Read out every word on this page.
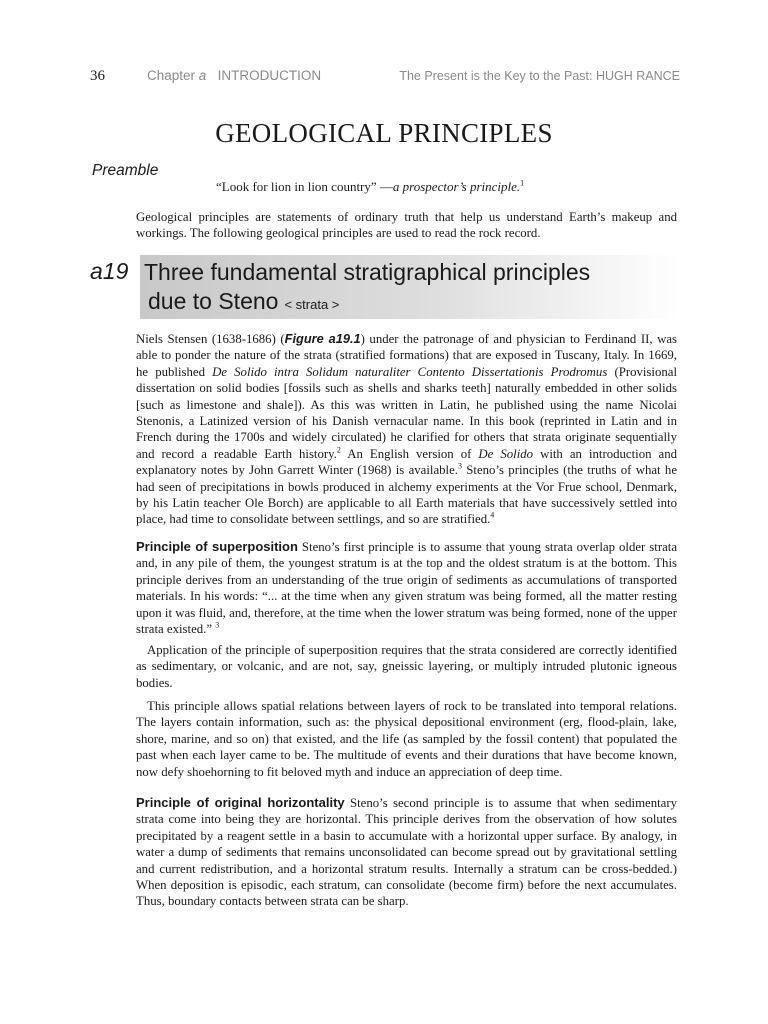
36	Chapter a INTRODUCTION	The Present is the Key to the Past: HUGH RANCE
GEOLOGICAL PRINCIPLES
Preamble
“Look for lion in lion country” —a prospector’s principle.$^1$

Geological principles are statements of ordinary truth that help us understand Earth’s makeup and workings. The following geological principles are used to read the rock record.

a19 Three fundamental stratigraphical principles
due to Steno < strata >

Niels Stensen (1638-1686) (Figure a19.1) under the patronage of and physician to Ferdinand II, was able to ponder the nature of the strata (stratified formations) that are exposed in Tuscany, Italy. In 1669, he published De Solido intra Solidum naturaliter Contento Dissertationis Prodromus (Provisional dissertation on solid bodies [fossils such as shells and sharks teeth] naturally embedded in other solids [such as limestone and shale]). As this was written in Latin, he published using the name Nicolai Stenonis, a Latinized version of his Danish vernacular name. In this book (reprinted in Latin and in French during the 1700s and widely circulated) he clarified for others that strata originate sequentially and record a readable Earth history.$^2$ An English version of De Solido with an introduction and explanatory notes by John Garrett Winter (1968) is available.$^3$ Steno’s principles (the truths of what he had seen of precipitations in bowls produced in alchemy experiments at the Vor Frue school, Denmark, by his Latin teacher Ole Borch) are applicable to all Earth materials that have successively settled into place, had time to consolidate between settlings, and so are stratified.$^4$

Principle of superposition Steno’s first principle is to assume that young strata overlap older strata and, in any pile of them, the youngest stratum is at the top and the oldest stratum is at the bottom. This principle derives from an understanding of the true origin of sediments as accumulations of transported materials. In his words: “... at the time when any given stratum was being formed, all the matter resting upon it was fluid, and, therefore, at the time when the lower stratum was being formed, none of the upper strata existed.” $^3$

Application of the principle of superposition requires that the strata considered are correctly identified as sedimentary, or volcanic, and are not, say, gneissic layering, or multiply intruded plutonic igneous bodies.

This principle allows spatial relations between layers of rock to be translated into temporal relations. The layers contain information, such as: the physical depositional environment (erg, flood-plain, lake, shore, marine, and so on) that existed, and the life (as sampled by the fossil content) that populated the past when each layer came to be. The multitude of events and their durations that have become known, now defy shoehorning to fit beloved myth and induce an appreciation of deep time.

Principle of original horizontality Steno’s second principle is to assume that when sedimentary strata come into being they are horizontal. This principle derives from the observation of how solutes precipitated by a reagent settle in a basin to accumulate with a horizontal upper surface. By analogy, in water a dump of sediments that remains unconsolidated can become spread out by gravitational settling and current redistribution, and a horizontal stratum results. Internally a stratum can be cross-bedded.) When deposition is episodic, each stratum, can consolidate (become firm) before the next accumulates. Thus, boundary contacts between strata can be sharp.
